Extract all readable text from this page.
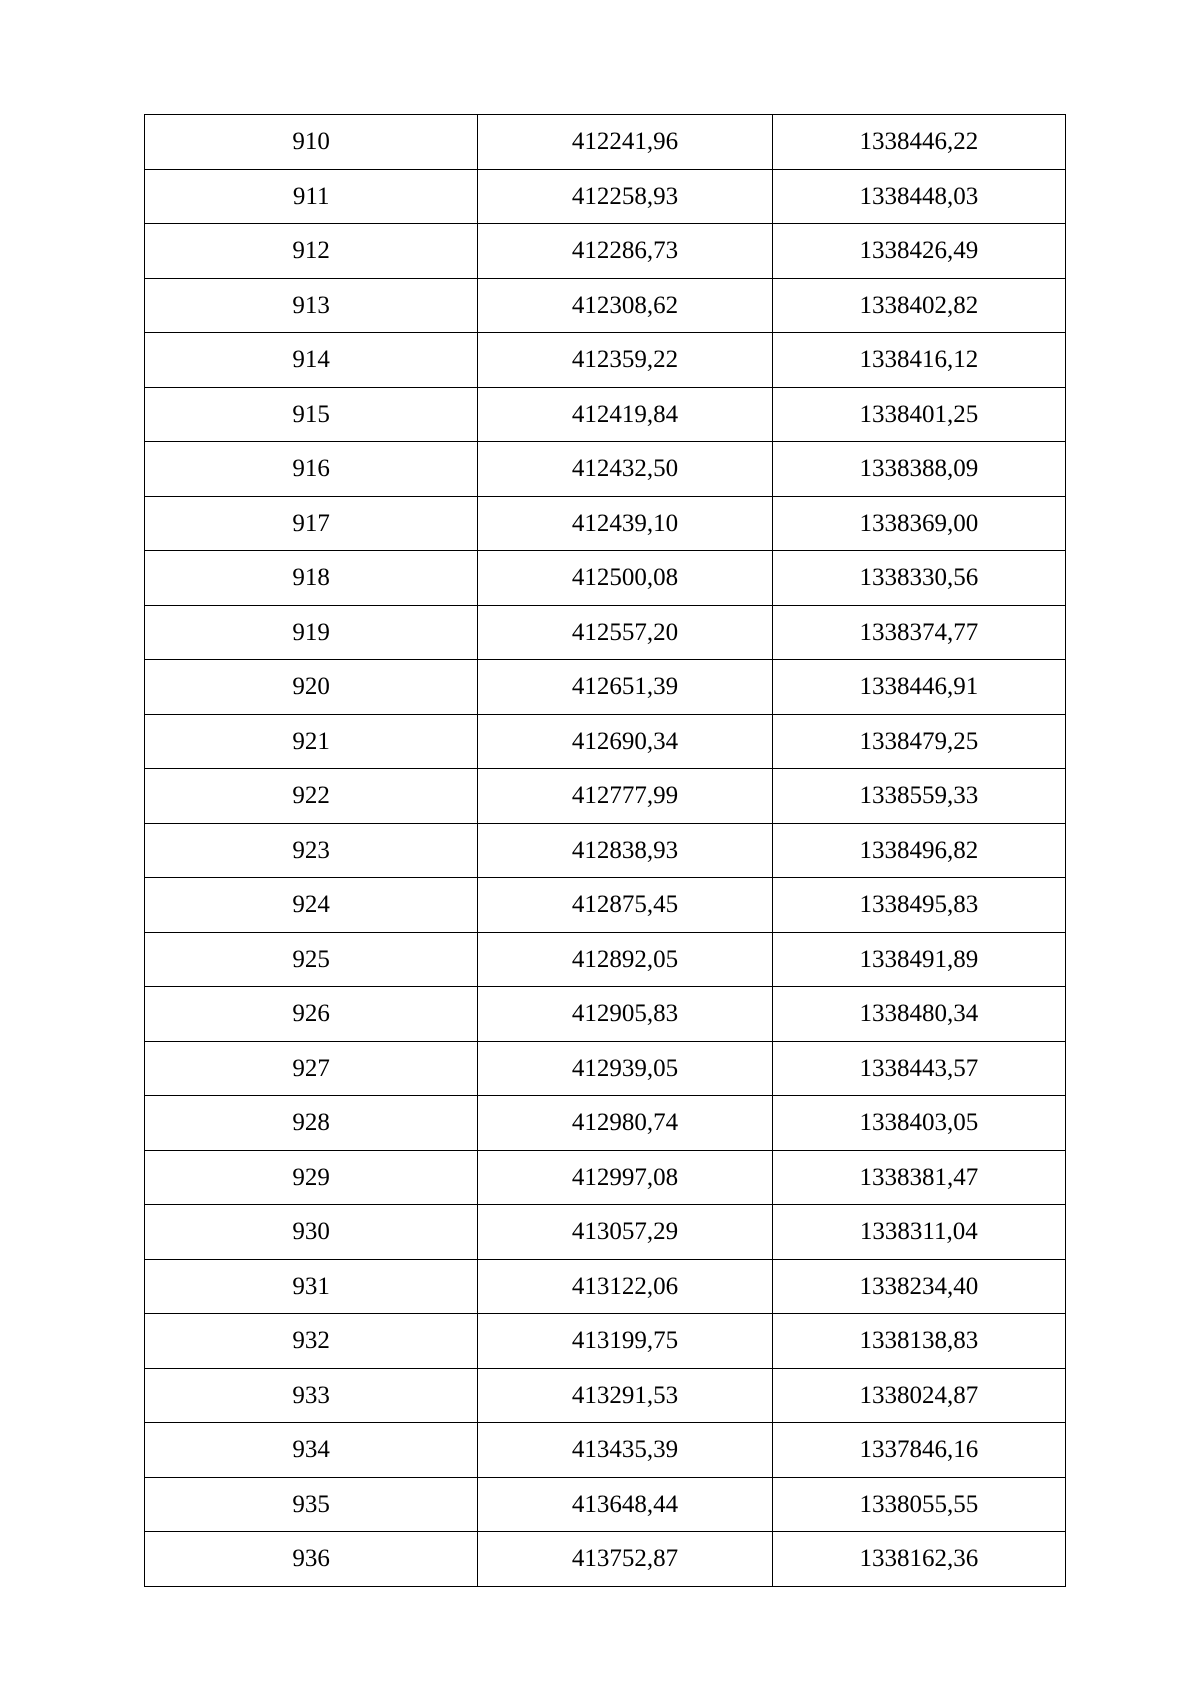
910	412241,96	1338446,22
911	412258,93	1338448,03
912	412286,73	1338426,49
913	412308,62	1338402,82
914	412359,22	1338416,12
915	412419,84	1338401,25
916	412432,50	1338388,09
917	412439,10	1338369,00
918	412500,08	1338330,56
919	412557,20	1338374,77
920	412651,39	1338446,91
921	412690,34	1338479,25
922	412777,99	1338559,33
923	412838,93	1338496,82
924	412875,45	1338495,83
925	412892,05	1338491,89
926	412905,83	1338480,34
927	412939,05	1338443,57
928	412980,74	1338403,05
929	412997,08	1338381,47
930	413057,29	1338311,04
931	413122,06	1338234,40
932	413199,75	1338138,83
933	413291,53	1338024,87
934	413435,39	1337846,16
935	413648,44	1338055,55
936	413752,87	1338162,36
